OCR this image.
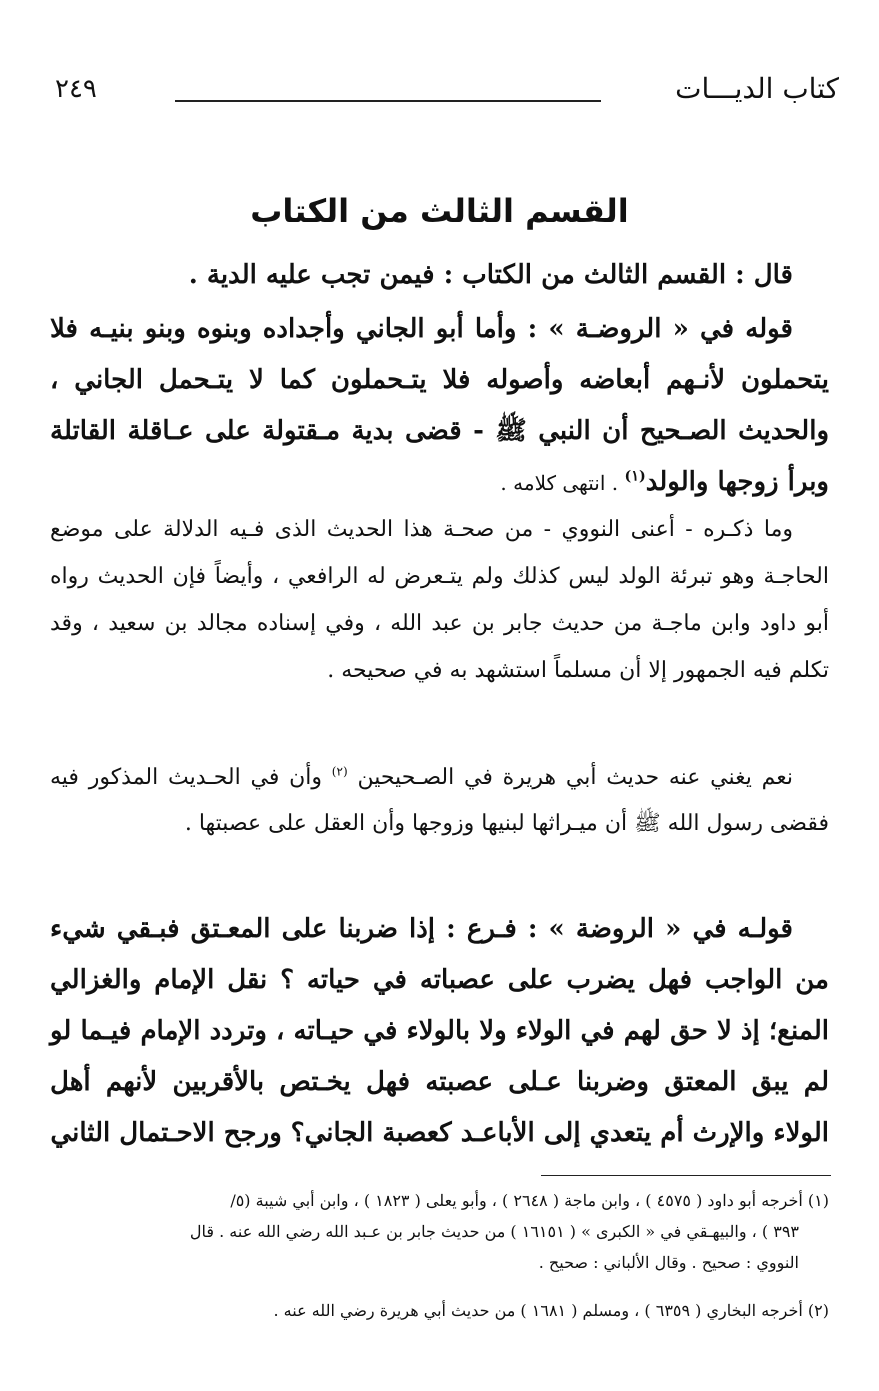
كتاب الديـــات
٢٤٩
القسم الثالث من الكتاب

قال : القسم الثالث من الكتاب : فيمن تجب عليه الدية .

قوله في « الروضـة » : وأما أبو الجاني وأجداده وبنوه وبنو بنيـه فلا يتحملون لأنـهم أبعاضه وأصوله فلا يتـحملون كما لا يتـحمل الجاني ، والحديث الصـحيح أن النبي ﷺ - قضى بدية مـقتولة على عـاقلة القاتلة وبرأ زوجها والولد$^{(١)}$ . انتهى كلامه .

وما ذكـره - أعنى النووي - من صحـة هذا الحديث الذى فـيه الدلالة على موضع الحاجـة وهو تبرئة الولد ليس كذلك ولم يتـعرض له الرافعي ، وأيضاً فإن الحديث رواه أبو داود وابن ماجـة من حديث جابر بن عبد الله ، وفي إسناده مجالد بن سعيد ، وقد تكلم فيه الجمهور إلا أن مسلماً استشهد به في صحيحه .

نعم يغني عنه حديث أبي هريرة في الصـحيحين $^{(٢)}$ وأن في الحـديث المذكور فيه فقضى رسول الله ﷺ أن ميـراثها لبنيها وزوجها وأن العقل على عصبتها .

قولـه في « الروضة » : فـرع : إذا ضربنا على المعـتق فبـقي شيء من الواجب فهل يضرب على عصباته في حياته ؟ نقل الإمام والغزالي المنع؛ إذ لا حق لهم في الولاء ولا بالولاء في حيـاته ، وتردد الإمام فيـما لو لم يبق المعتق وضربنا عـلى عصبته فهل يخـتص بالأقربين لأنهم أهل الولاء والإرث أم يتعدي إلى الأباعـد كعصبة الجاني؟ ورجح الاحـتمال الثاني

(١) أخرجه أبو داود ( ٤٥٧٥ ) ، وابن ماجة ( ٢٦٤٨ ) ، وأبو يعلى ( ١٨٢٣ ) ، وابن أبي شيبة (٥/
٣٩٣ ) ، والبيهـقي في « الكبرى » ( ١٦١٥١ ) من حديث جابر بن عـبد الله رضي الله عنه . قال
النووي : صحيح . وقال الألباني : صحيح .
(٢) أخرجه البخاري ( ٦٣٥٩ ) ، ومسلم ( ١٦٨١ ) من حديث أبي هريرة رضي الله عنه .
